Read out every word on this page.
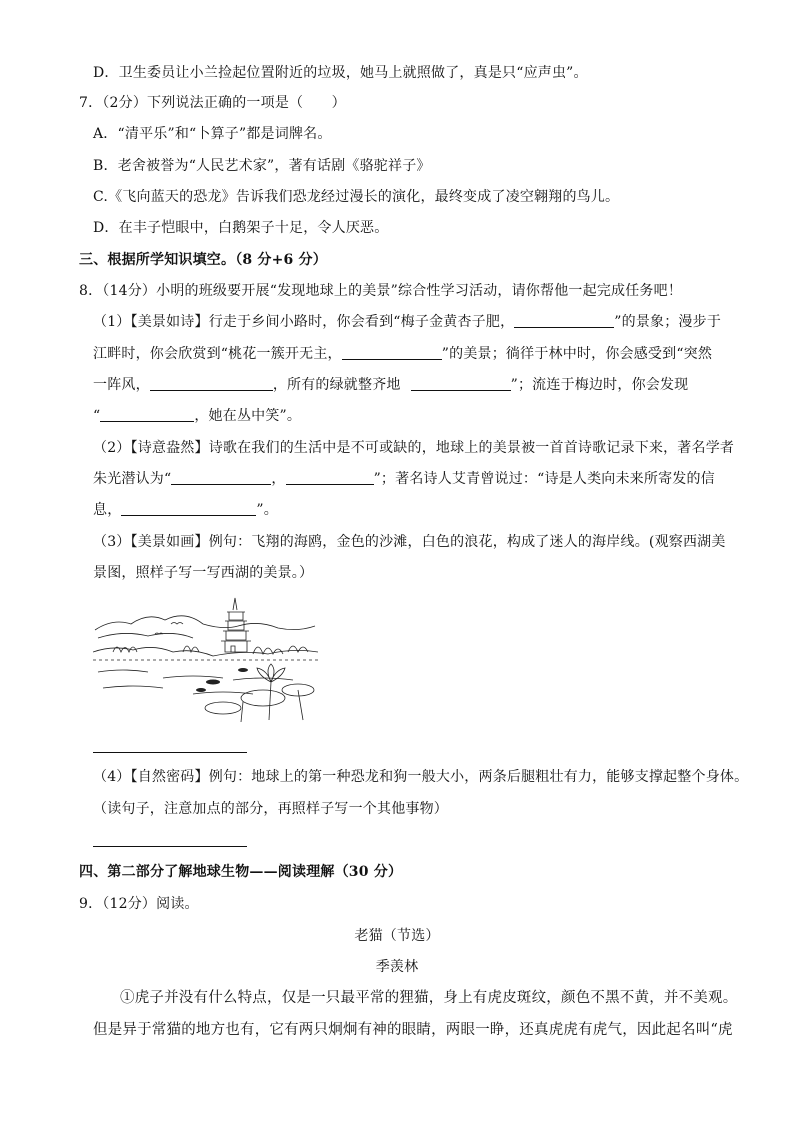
D．卫生委员让小兰捡起位置附近的垃圾，她马上就照做了，真是只“应声虫”。
7．（2分）下列说法正确的一项是（　　）
A．“清平乐”和“卜算子”都是词牌名。
B．老舍被誉为“人民艺术家”，著有话剧《骆驼祥子》
C.《飞向蓝天的恐龙》告诉我们恐龙经过漫长的演化，最终变成了凌空翱翔的鸟儿。
D．在丰子恺眼中，白鹅架子十足，令人厌恶。
三、根据所学知识填空。（8 分+6 分）
8．（14分）小明的班级要开展“发现地球上的美景”综合性学习活动，请你帮他一起完成任务吧！
（1）【美景如诗】行走于乡间小路时，你会看到“梅子金黄杏子肥，	”的景象；漫步于
江畔时，你会欣赏到“桃花一簇开无主，	”的美景；徜徉于林中时，你会感受到“突然
一阵风，	，所有的绿就整齐地	”；流连于梅边时，你会发现
“	，她在丛中笑”。
（2）【诗意盎然】诗歌在我们的生活中是不可或缺的，地球上的美景被一首首诗歌记录下来，著名学者
朱光潜认为“	，	”；著名诗人艾青曾说过：“诗是人类向未来所寄发的信
息，	”。
（3）【美景如画】例句：飞翔的海鸥，金色的沙滩，白色的浪花，构成了迷人的海岸线。(观察西湖美
景图，照样子写一写西湖的美景。）
（4）【自然密码】例句：地球上的第一种恐龙和狗一般大小，两条后腿粗壮有力，能够支撑起整个身体。
（读句子，注意加点的部分，再照样子写一个其他事物）
四、第二部分了解地球生物——阅读理解（30 分）
9．（12分）阅读。
老猫（节选）
季羡林
①虎子并没有什么特点，仅是一只最平常的狸猫，身上有虎皮斑纹，颜色不黑不黄，并不美观。
但是异于常猫的地方也有，它有两只炯炯有神的眼睛，两眼一睁，还真虎虎有虎气，因此起名叫“虎
